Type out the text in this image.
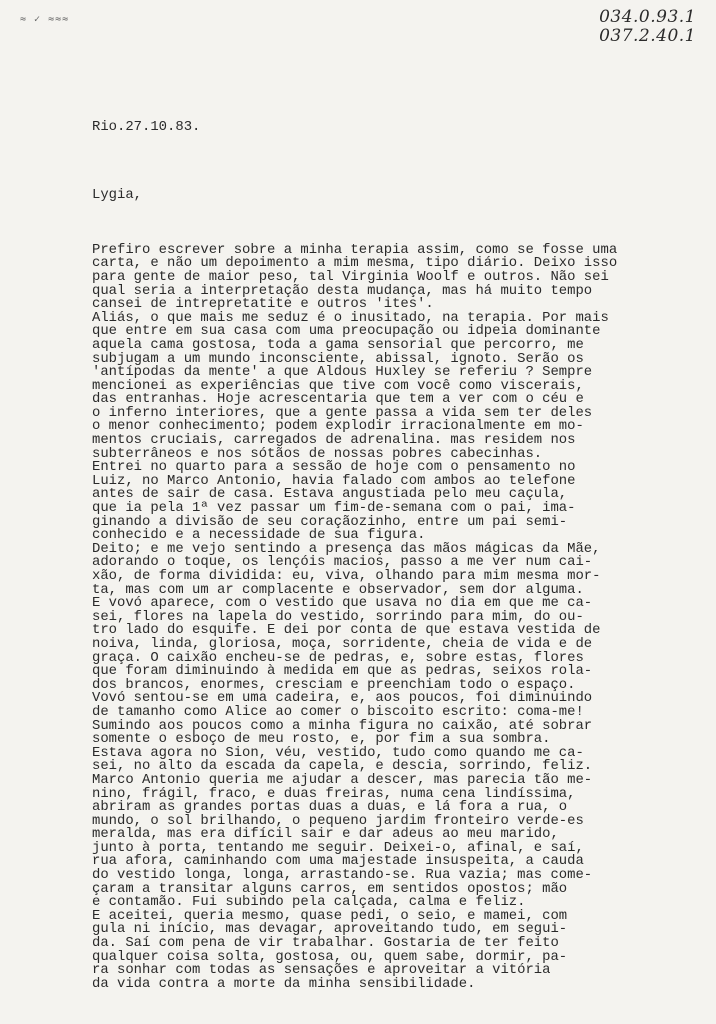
≈ ✓ ≈≈≈	034.0.93.1
037.2.40.1

Rio.27.10.83.

Lygia,

Prefiro escrever sobre a minha terapia assim, como se fosse uma
carta, e não um depoimento a mim mesma, tipo diário. Deixo isso
para gente de maior peso, tal Virginia Woolf e outros. Não sei
qual seria a interpretação desta mudança, mas há muito tempo
cansei de intrepretatite e outros 'ites'.
Aliás, o que mais me seduz é o inusitado, na terapia. Por mais
que entre em sua casa com uma preocupação ou idpeia dominante
aquela cama gostosa, toda a gama sensorial que percorro, me
subjugam a um mundo inconsciente, abissal, ignoto. Serão os
'antípodas da mente' a que Aldous Huxley se referiu ? Sempre
mencionei as experiências que tive com você como viscerais,
das entranhas. Hoje acrescentaria que tem a ver com o céu e
o inferno interiores, que a gente passa a vida sem ter deles
o menor conhecimento; podem explodir irracionalmente em mo-
mentos cruciais, carregados de adrenalina. mas residem nos
subterrâneos e nos sótãos de nossas pobres cabecinhas.
Entrei no quarto para a sessão de hoje com o pensamento no
Luiz, no Marco Antonio, havia falado com ambos ao telefone
antes de sair de casa. Estava angustiada pelo meu caçula,
que ia pela 1ª vez passar um fim-de-semana com o pai, ima-
ginando a divisão de seu coraçãozinho, entre um pai semi-
conhecido e a necessidade de sua figura.
Deito; e me vejo sentindo a presença das mãos mágicas da Mãe,
adorando o toque, os lençóis macios, passo a me ver num cai-
xão, de forma dividida: eu, viva, olhando para mim mesma mor-
ta, mas com um ar complacente e observador, sem dor alguma.
E vovó aparece, com o vestido que usava no dia em que me ca-
sei, flores na lapela do vestido, sorrindo para mim, do ou-
tro lado do esquife. E dei por conta de que estava vestida de
noiva, linda, gloriosa, moça, sorridente, cheia de vida e de
graça. O caixão encheu-se de pedras, e, sobre estas, flores
que foram diminuindo à medida em que as pedras, seixos rola-
dos brancos, enormes, cresciam e preenchiam todo o espaço.
Vovó sentou-se em uma cadeira, e, aos poucos, foi diminuindo
de tamanho como Alice ao comer o biscoito escrito: coma-me!
Sumindo aos poucos como a minha figura no caixão, até sobrar
somente o esboço de meu rosto, e, por fim a sua sombra.
Estava agora no Sion, véu, vestido, tudo como quando me ca-
sei, no alto da escada da capela, e descia, sorrindo, feliz.
Marco Antonio queria me ajudar a descer, mas parecia tão me-
nino, frágil, fraco, e duas freiras, numa cena lindíssima,
abriram as grandes portas duas a duas, e lá fora a rua, o
mundo, o sol brilhando, o pequeno jardim fronteiro verde-es
meralda, mas era difícil sair e dar adeus ao meu marido,
junto à porta, tentando me seguir. Deixei-o, afinal, e saí,
rua afora, caminhando com uma majestade insuspeita, a cauda
do vestido longa, longa, arrastando-se. Rua vazia; mas come-
çaram a transitar alguns carros, em sentidos opostos; mão
e contamão. Fui subindo pela calçada, calma e feliz.
E aceitei, queria mesmo, quase pedi, o seio, e mamei, com
gula ni início, mas devagar, aproveitando tudo, em segui-
da. Saí com pena de vir trabalhar. Gostaria de ter feito
qualquer coisa solta, gostosa, ou, quem sabe, dormir, pa-
ra sonhar com todas as sensações e aproveitar a vitória
da vida contra a morte da minha sensibilidade.
